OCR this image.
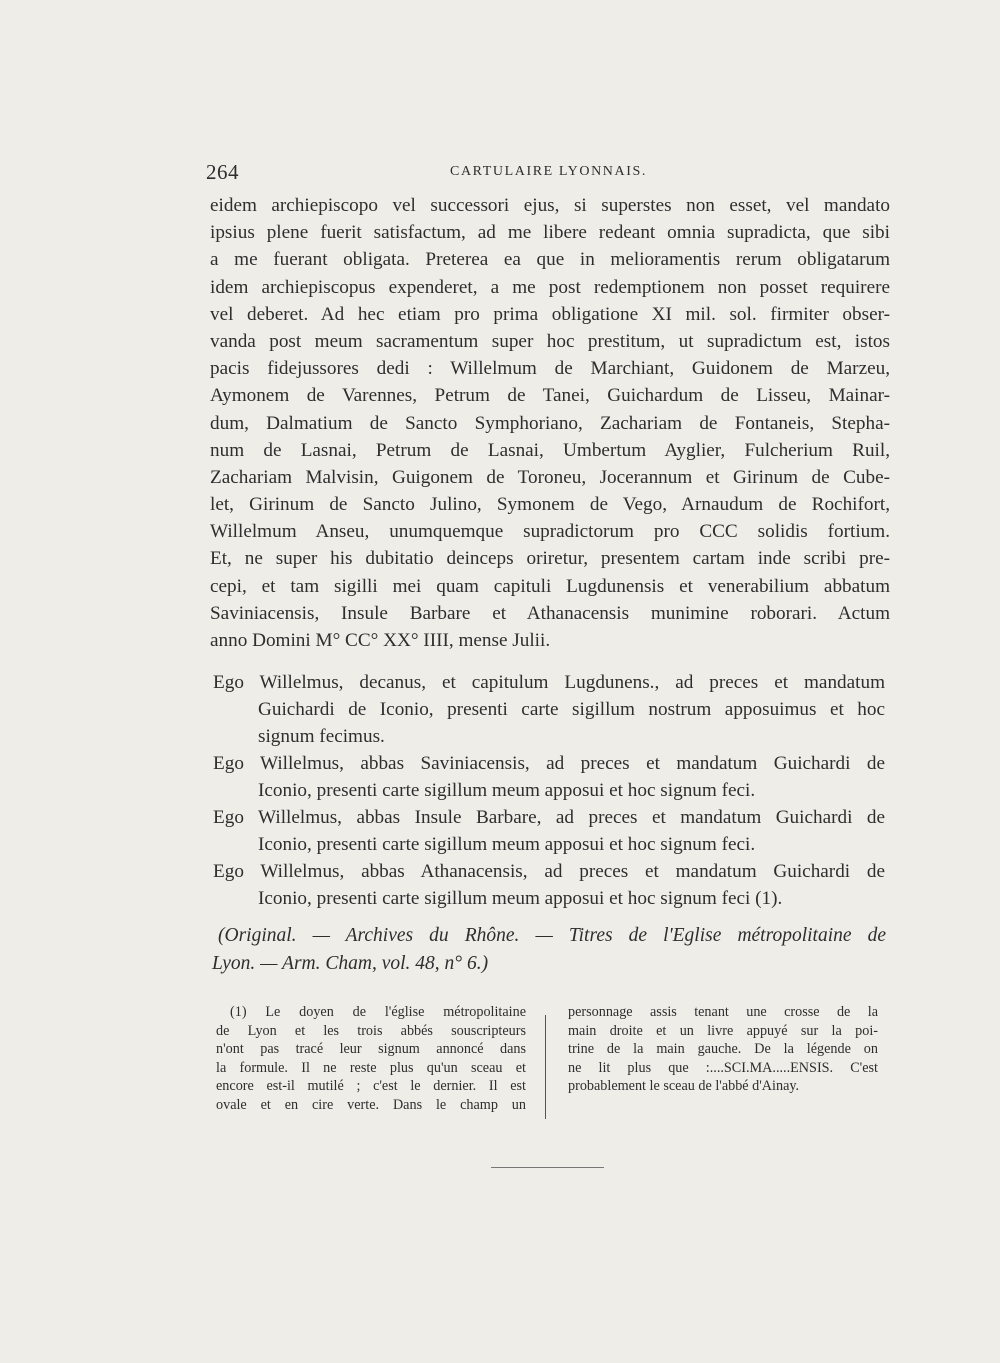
264	CARTULAIRE LYONNAIS.
eidem archiepiscopo vel successori ejus, si superstes non esset, vel mandato
ipsius plene fuerit satisfactum, ad me libere redeant omnia supradicta, que sibi
a me fuerant obligata. Preterea ea que in melioramentis rerum obligatarum
idem archiepiscopus expenderet, a me post redemptionem non posset requirere
vel deberet. Ad hec etiam pro prima obligatione XI mil. sol. firmiter obser-
vanda post meum sacramentum super hoc prestitum, ut supradictum est, istos
pacis fidejussores dedi : Willelmum de Marchiant, Guidonem de Marzeu,
Aymonem de Varennes, Petrum de Tanei, Guichardum de Lisseu, Mainar-
dum, Dalmatium de Sancto Symphoriano, Zachariam de Fontaneis, Stepha-
num de Lasnai, Petrum de Lasnai, Umbertum Ayglier, Fulcherium Ruil,
Zachariam Malvisin, Guigonem de Toroneu, Jocerannum et Girinum de Cube-
let, Girinum de Sancto Julino, Symonem de Vego, Arnaudum de Rochifort,
Willelmum Anseu, unumquemque supradictorum pro CCC solidis fortium.
Et, ne super his dubitatio deinceps oriretur, presentem cartam inde scribi pre-
cepi, et tam sigilli mei quam capituli Lugdunensis et venerabilium abbatum
Saviniacensis, Insule Barbare et Athanacensis munimine roborari. Actum
anno Domini M° CC° XX° IIII, mense Julii.
Ego Willelmus, decanus, et capitulum Lugdunens., ad preces et mandatum
Guichardi de Iconio, presenti carte sigillum nostrum apposuimus et hoc
signum fecimus.
Ego Willelmus, abbas Saviniacensis, ad preces et mandatum Guichardi de
Iconio, presenti carte sigillum meum apposui et hoc signum feci.
Ego Willelmus, abbas Insule Barbare, ad preces et mandatum Guichardi de
Iconio, presenti carte sigillum meum apposui et hoc signum feci.
Ego Willelmus, abbas Athanacensis, ad preces et mandatum Guichardi de
Iconio, presenti carte sigillum meum apposui et hoc signum feci (1).
(Original. — Archives du Rhône. — Titres de l'Eglise métropolitaine de
Lyon. — Arm. Cham, vol. 48, n° 6.)
(1) Le doyen de l'église métropolitaine
de Lyon et les trois abbés souscripteurs
n'ont pas tracé leur signum annoncé dans
la formule. Il ne reste plus qu'un sceau et
encore est-il mutilé ; c'est le dernier. Il est
ovale et en cire verte. Dans le champ un
personnage assis tenant une crosse de la
main droite et un livre appuyé sur la poi-
trine de la main gauche. De la légende on
ne lit plus que :....SCI.MA.....ENSIS. C'est
probablement le sceau de l'abbé d'Ainay.
